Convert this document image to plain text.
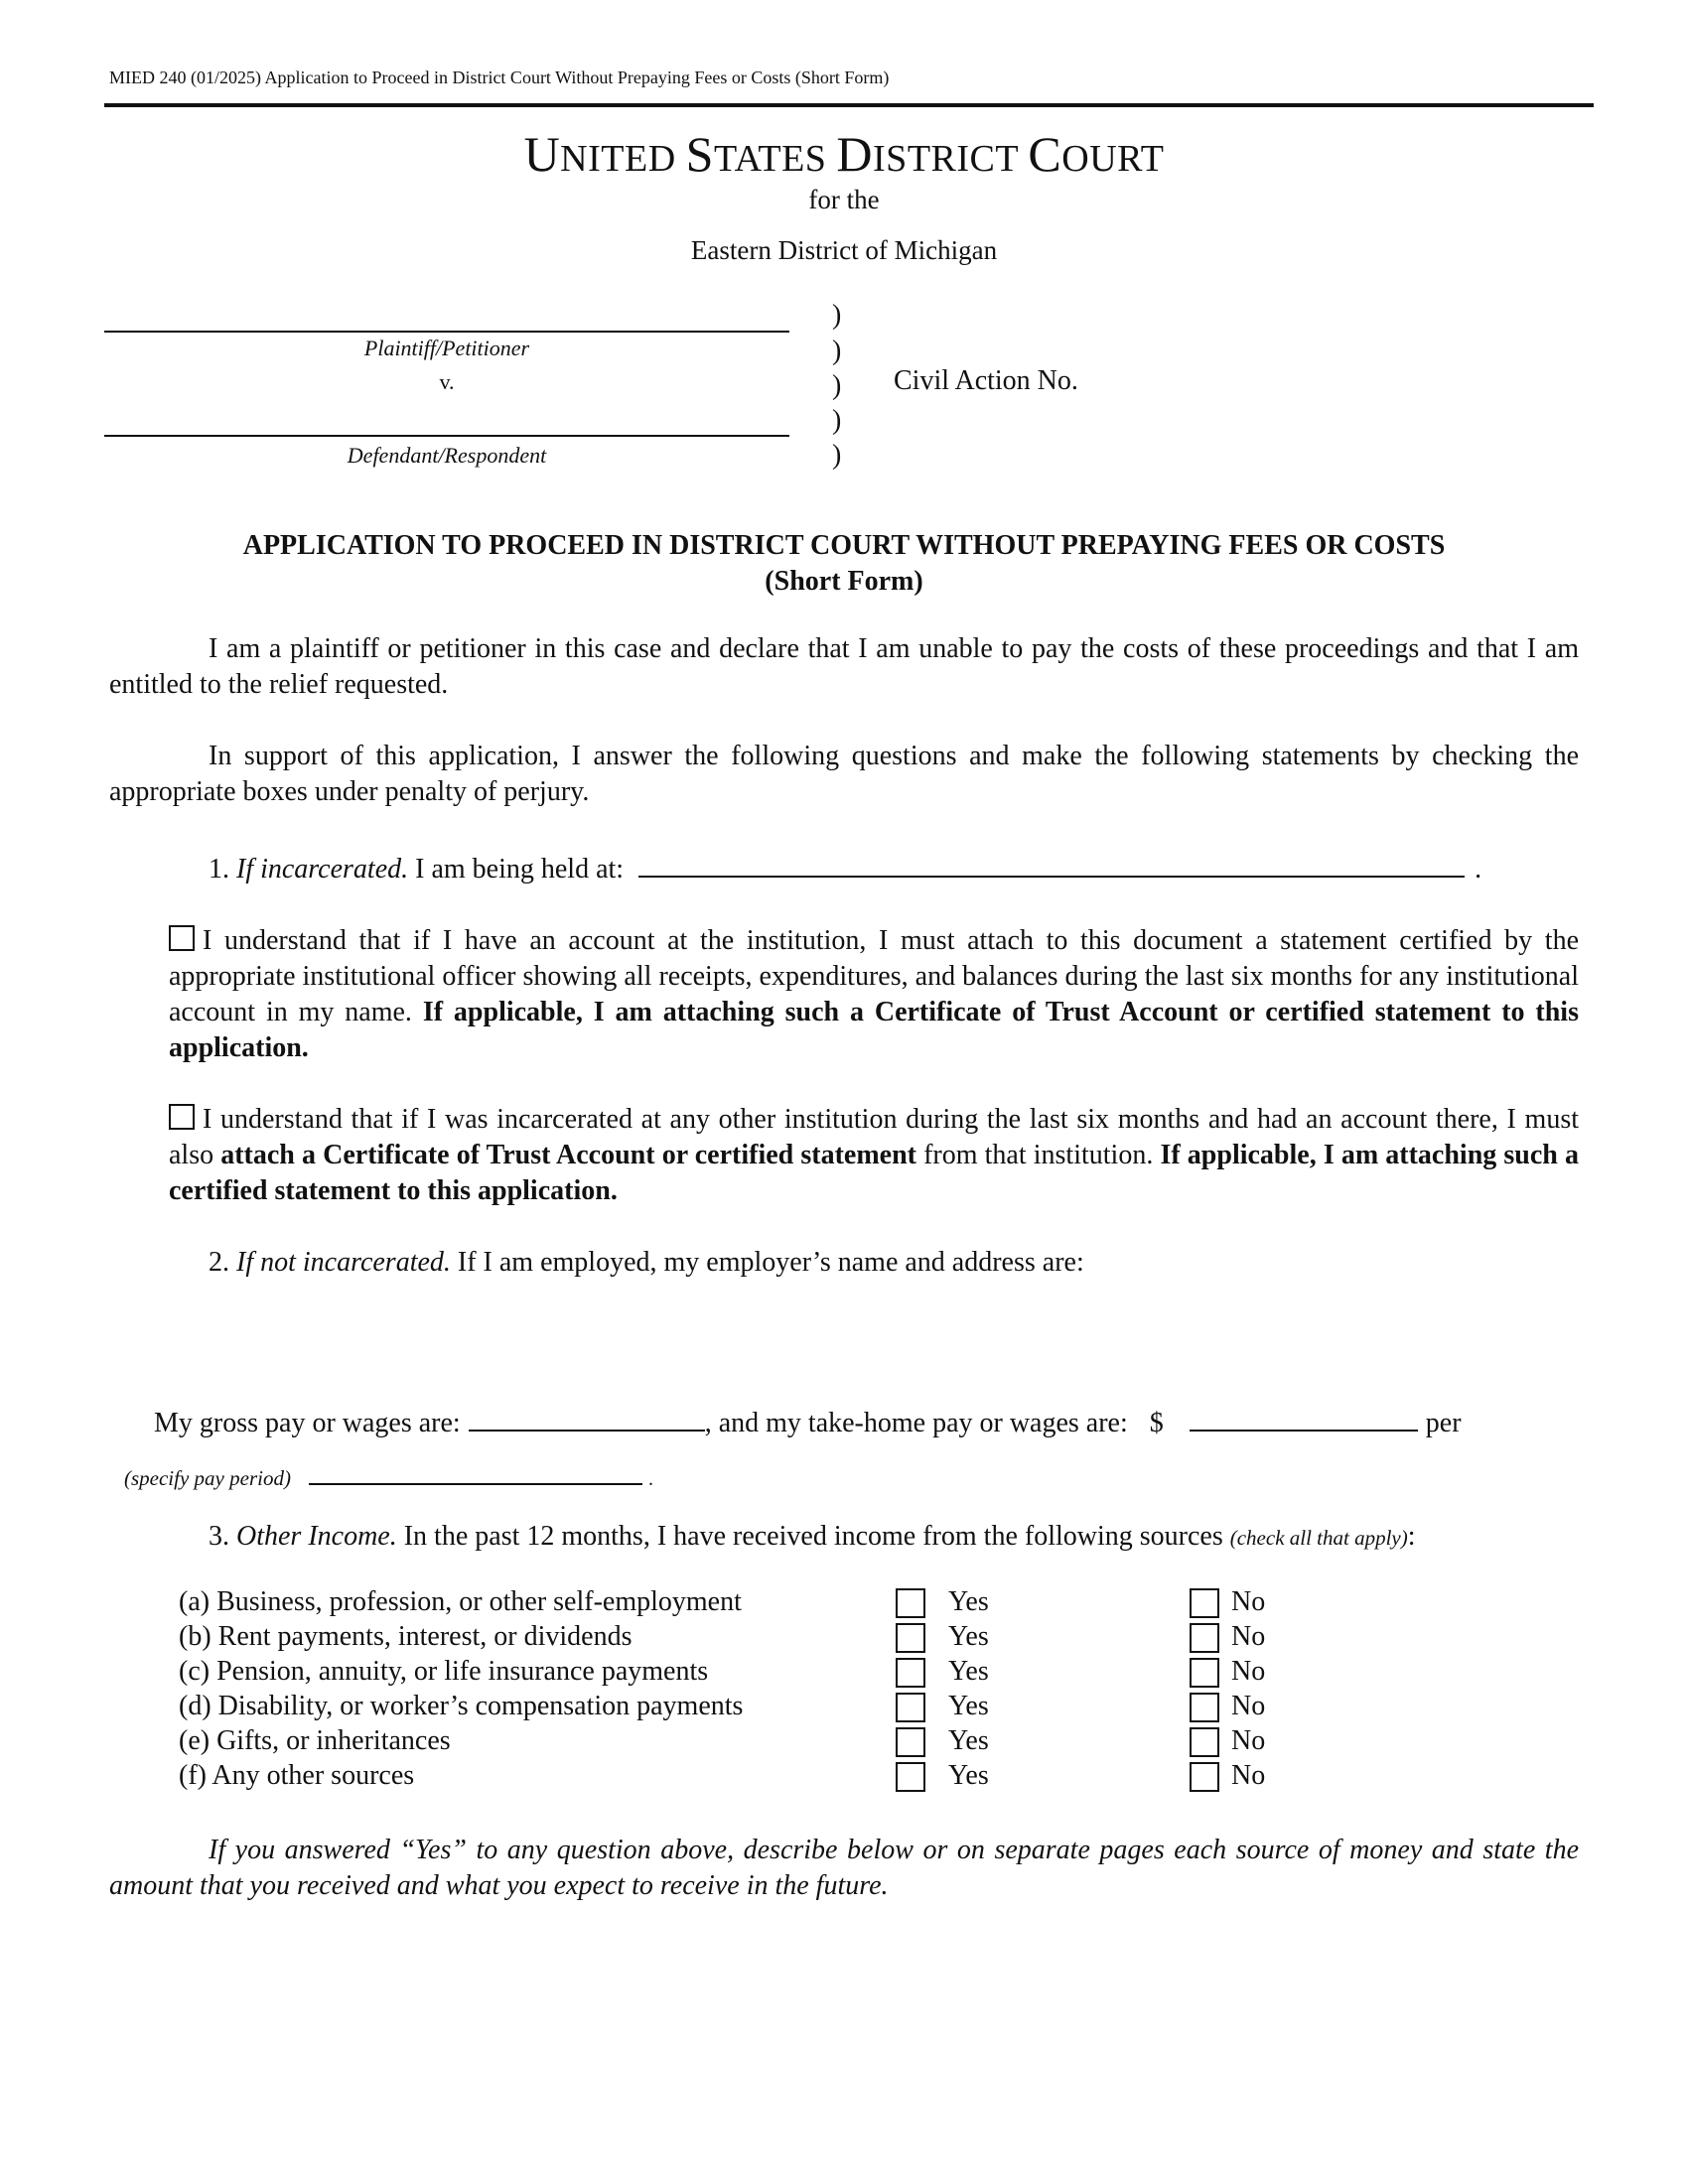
MIED 240 (01/2025) Application to Proceed in District Court Without Prepaying Fees or Costs (Short Form)
UNITED STATES DISTRICT COURT
for the
Eastern District of Michigan
Plaintiff/Petitioner
v.
Defendant/Respondent
)
)
)
)
)
Civil Action No.
APPLICATION TO PROCEED IN DISTRICT COURT WITHOUT PREPAYING FEES OR COSTS
(Short Form)
I am a plaintiff or petitioner in this case and declare that I am unable to pay the costs of these proceedings and that I am entitled to the relief requested.
In support of this application, I answer the following questions and make the following statements by checking the appropriate boxes under penalty of perjury.
1. If incarcerated. I am being held at:	.
I understand that if I have an account at the institution, I must attach to this document a statement certified by the appropriate institutional officer showing all receipts, expenditures, and balances during the last six months for any institutional account in my name. If applicable, I am attaching such a Certificate of Trust Account or certified statement to this application.
I understand that if I was incarcerated at any other institution during the last six months and had an account there, I must also attach a Certificate of Trust Account or certified statement from that institution. If applicable, I am attaching such a certified statement to this application.
2. If not incarcerated. If I am employed, my employer’s name and address are:
My gross pay or wages are:	, and my take-home pay or wages are: $	per
(specify pay period)	.
3. Other Income. In the past 12 months, I have received income from the following sources (check all that apply):
(a) Business, profession, or other self-employment	Yes	No
(b) Rent payments, interest, or dividends	Yes	No
(c) Pension, annuity, or life insurance payments	Yes	No
(d) Disability, or worker’s compensation payments	Yes	No
(e) Gifts, or inheritances	Yes	No
(f) Any other sources	Yes	No
If you answered “Yes” to any question above, describe below or on separate pages each source of money and state the amount that you received and what you expect to receive in the future.
